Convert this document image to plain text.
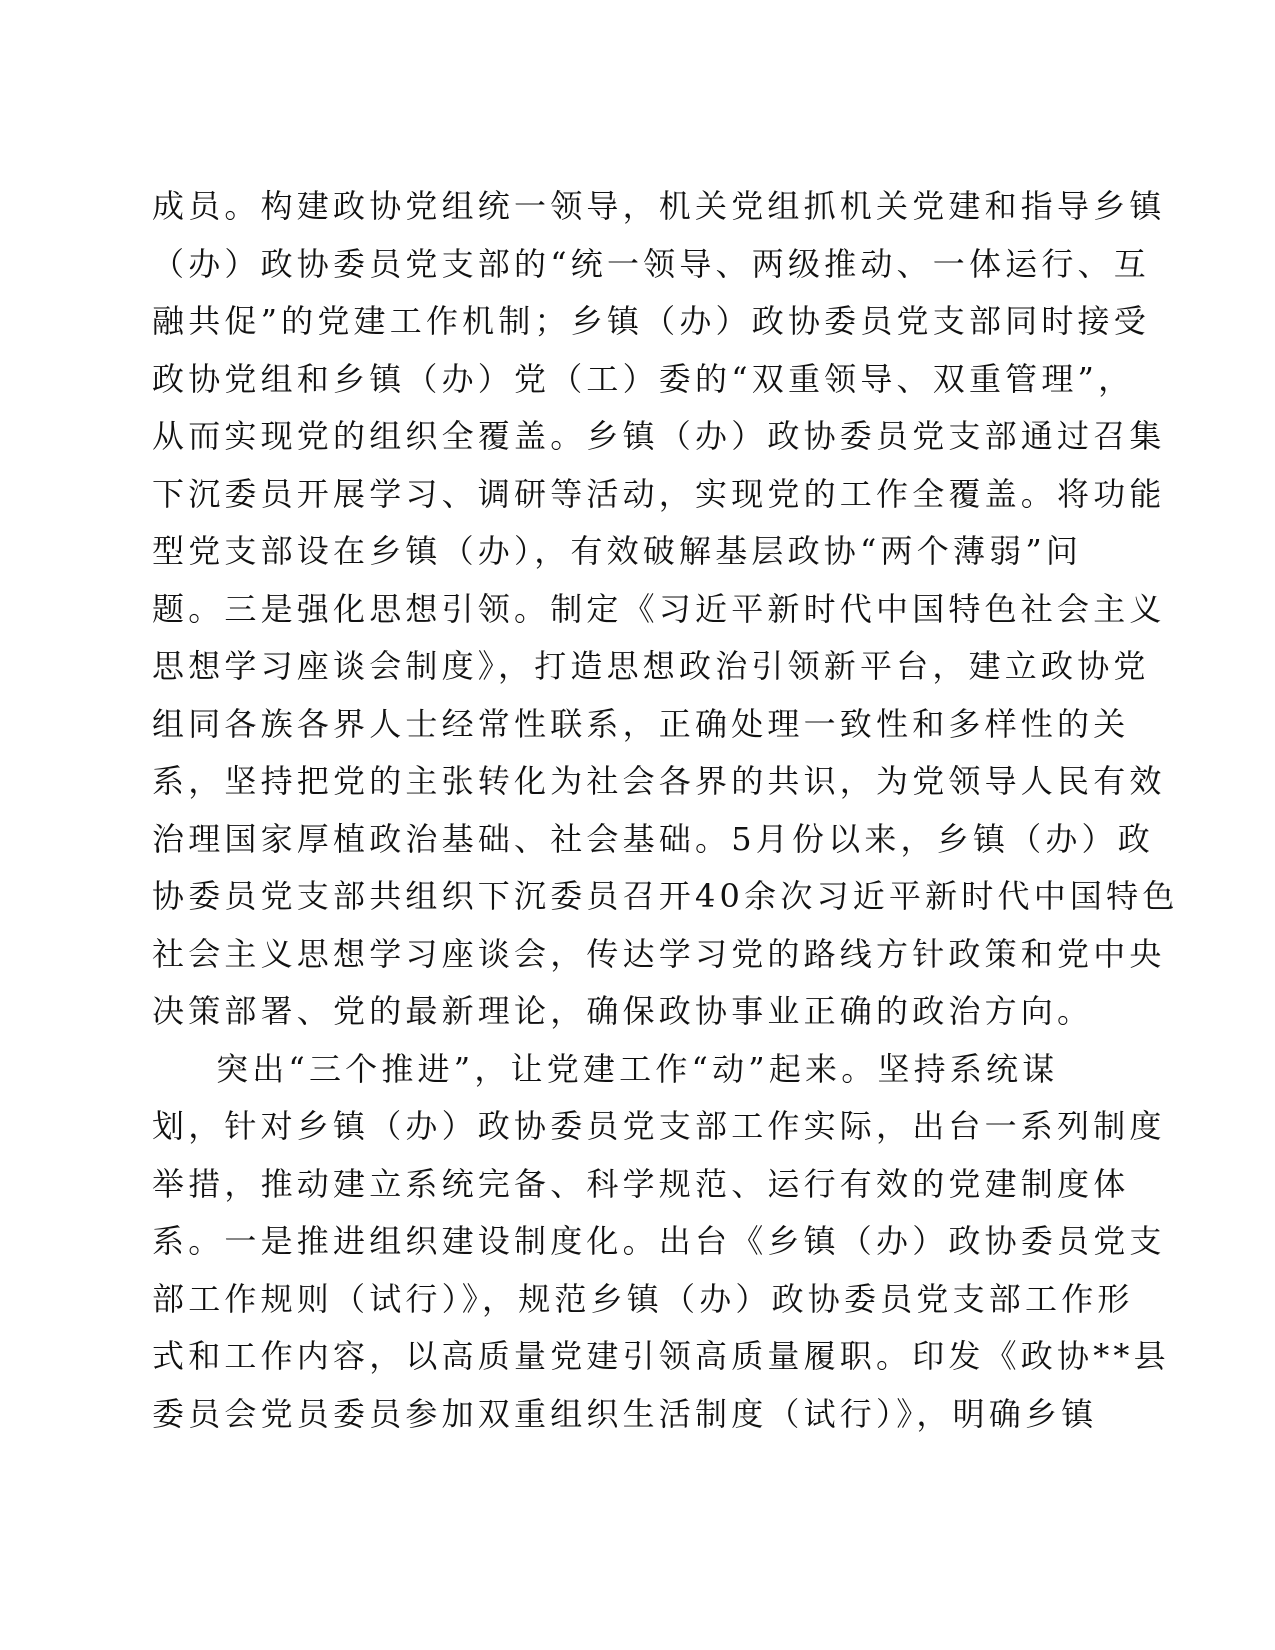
成员。构建政协党组统一领导，机关党组抓机关党建和指导乡镇
（办）政协委员党支部的“统一领导、两级推动、一体运行、互
融共促”的党建工作机制；乡镇（办）政协委员党支部同时接受
政协党组和乡镇（办）党（工）委的“双重领导、双重管理”，
从而实现党的组织全覆盖。乡镇（办）政协委员党支部通过召集
下沉委员开展学习、调研等活动，实现党的工作全覆盖。将功能
型党支部设在乡镇（办），有效破解基层政协“两个薄弱”问
题。三是强化思想引领。制定《习近平新时代中国特色社会主义
思想学习座谈会制度》，打造思想政治引领新平台，建立政协党
组同各族各界人士经常性联系，正确处理一致性和多样性的关
系，坚持把党的主张转化为社会各界的共识，为党领导人民有效
治理国家厚植政治基础、社会基础。5月份以来，乡镇（办）政
协委员党支部共组织下沉委员召开40余次习近平新时代中国特色
社会主义思想学习座谈会，传达学习党的路线方针政策和党中央
决策部署、党的最新理论，确保政协事业正确的政治方向。
突出“三个推进”，让党建工作“动”起来。坚持系统谋
划，针对乡镇（办）政协委员党支部工作实际，出台一系列制度
举措，推动建立系统完备、科学规范、运行有效的党建制度体
系。一是推进组织建设制度化。出台《乡镇（办）政协委员党支
部工作规则（试行）》，规范乡镇（办）政协委员党支部工作形
式和工作内容，以高质量党建引领高质量履职。印发《政协**县
委员会党员委员参加双重组织生活制度（试行）》，明确乡镇
